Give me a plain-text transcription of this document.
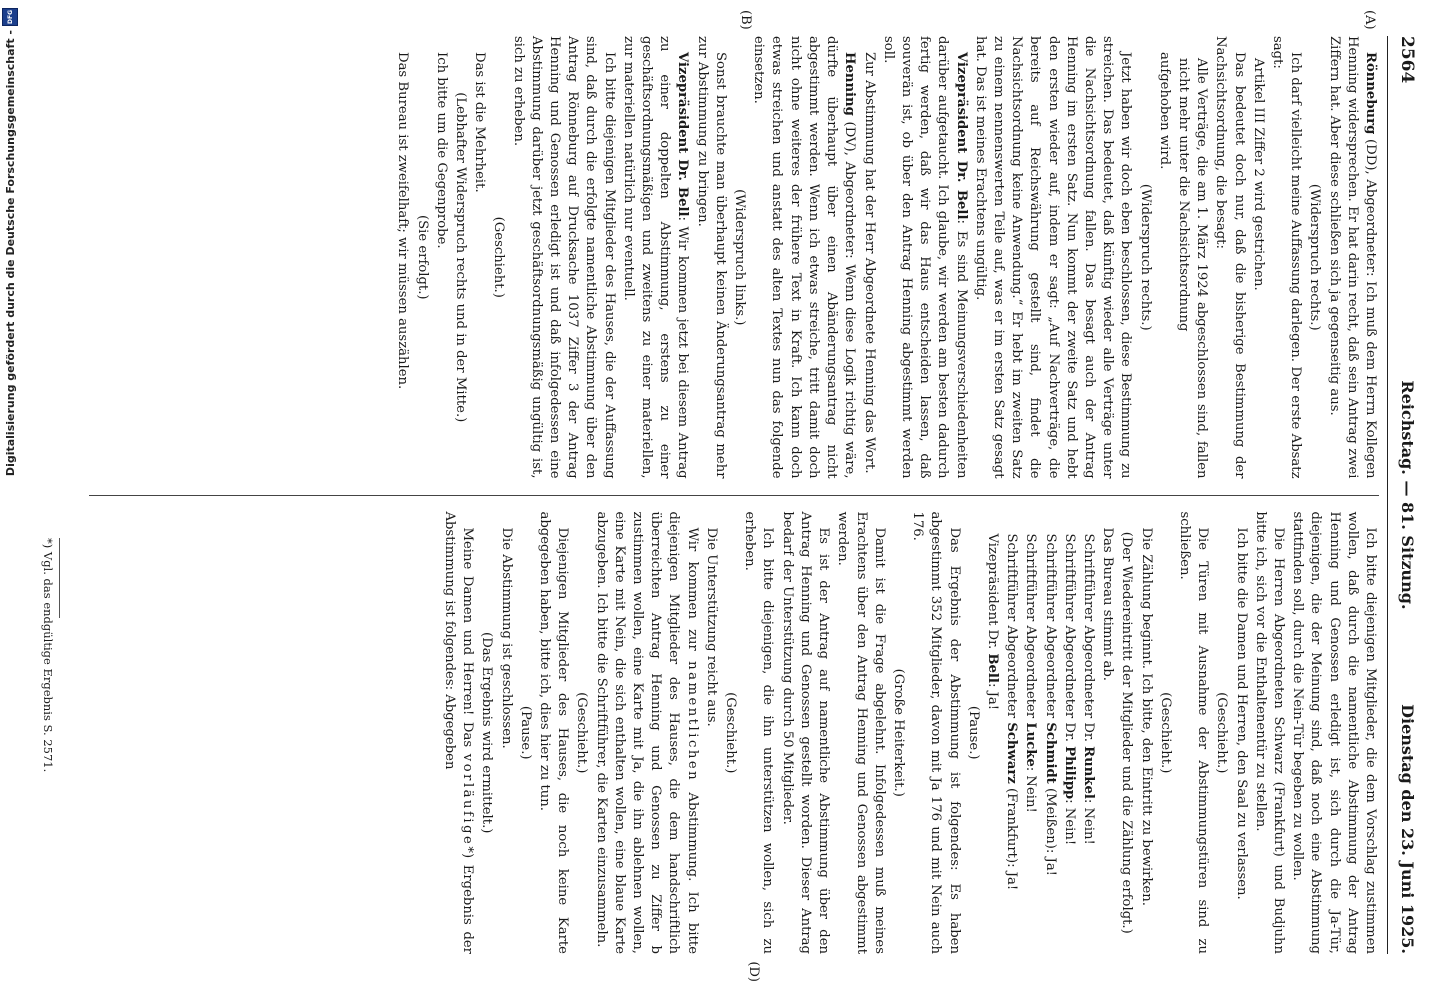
2564
Reichstag. — 81. Sitzung.
Dienstag den 23. Juni 1925.
(A)
(B)
(D)

Rönneburg (DD), Abgeordneter: Ich muß dem Herrn Kollegen Henning widersprechen. Er hat darin recht, daß sein Antrag zwei Ziffern hat. Aber diese schließen sich ja gegenseitig aus.

(Widerspruch rechts.)

Ich darf vielleicht meine Auffassung darlegen. Der erste Absatz sagt:

Artikel III Ziffer 2 wird gestrichen.

Das bedeutet doch nur, daß die bisherige Bestimmung der Nachsichtsordnung, die besagt:

Alle Verträge, die am 1. März 1924 abgeschlossen sind, fallen nicht mehr unter die Nachsichtsordnung

aufgehoben wird.

(Widerspruch rechts.)

Jetzt haben wir doch eben beschlossen, diese Bestimmung zu streichen. Das bedeutet, daß künftig wieder alle Verträge unter die Nachsichtsordnung fallen. Das besagt auch der Antrag Henning im ersten Satz. Nun kommt der zweite Satz und hebt den ersten wieder auf, indem er sagt: „Auf Nachverträge, die bereits auf Reichswährung gestellt sind, findet die Nachsichtsordnung keine Anwendung.“ Er hebt im zweiten Satz zu einem nennenswerten Teile auf, was er im ersten Satz gesagt hat. Das ist meines Erachtens ungültig.

Vizepräsident Dr. Bell: Es sind Meinungsverschiedenheiten darüber aufgetaucht. Ich glaube, wir werden am besten dadurch fertig werden, daß wir das Haus entscheiden lassen, daß souverän ist, ob über den Antrag Henning abgestimmt werden soll.

Zur Abstimmung hat der Herr Abgeordnete Henning das Wort.

Henning (DV), Abgeordneter: Wenn diese Logik richtig wäre, dürfte überhaupt über einen Abänderungsantrag nicht abgestimmt werden. Wenn ich etwas streiche, tritt damit doch nicht ohne weiteres der frühere Text in Kraft. Ich kann doch etwas streichen und anstatt des alten Textes nun das folgende einsetzen.

(Widerspruch links.)

Sonst brauchte man überhaupt keinen Änderungsantrag mehr zur Abstimmung zu bringen.

Vizepräsident Dr. Bell: Wir kommen jetzt bei diesem Antrag zu einer doppelten Abstimmung, erstens zu einer geschäftsordnungsmäßigen und zweitens zu einer materiellen, zur materiellen natürlich nur eventuell.

Ich bitte diejenigen Mitglieder des Hauses, die der Auffassung sind, daß durch die erfolgte namentliche Abstimmung über den Antrag Rönneburg auf Drucksache 1037 Ziffer 3 der Antrag Henning und Genossen erledigt ist und daß infolgedessen eine Abstimmung darüber jetzt geschäftsordnungsmäßig ungültig ist, sich zu erheben.

(Geschieht.)

Das ist die Mehrheit.

(Lebhafter Widerspruch rechts und in der Mitte.)

Ich bitte um die Gegenprobe.

(Sie erfolgt.)

Das Bureau ist zweifelhaft; wir müssen auszählen.

Ich bitte diejenigen Mitglieder, die dem Vorschlag zustimmen wollen, daß durch die namentliche Abstimmung der Antrag Henning und Genossen erledigt ist, sich durch die Ja-Tür, diejenigen, die der Meinung sind, daß noch eine Abstimmung stattfinden soll, durch die Nein-Tür begeben zu wollen.

Die Herren Abgeordneten Schwarz (Frankfurt) und Budjuhn bitte ich, sich vor die Enthaltenentür zu stellen.

Ich bitte die Damen und Herren, den Saal zu verlassen.

(Geschieht.)

Die Türen mit Ausnahme der Abstimmungstüren sind zu schließen.

(Geschieht.)

Die Zählung beginnt. Ich bitte, den Eintritt zu bewirken.

(Der Wiedereintritt der Mitglieder und die Zählung erfolgt.)

Das Bureau stimmt ab.

Schriftführer Abgeordneter Dr. Runkel: Nein!

Schriftführer Abgeordneter Dr. Philipp: Nein!

Schriftführer Abgeordneter Schmidt (Meißen): Ja!

Schriftführer Abgeordneter Lucke: Nein!

Schriftführer Abgeordneter Schwarz (Frankfurt): Ja!

Vizepräsident Dr. Bell: Ja!

(Pause.)

Das Ergebnis der Abstimmung ist folgendes: Es haben abgestimmt 352 Mitglieder, davon mit Ja 176 und mit Nein auch 176.

(Große Heiterkeit.)

Damit ist die Frage abgelehnt. Infolgedessen muß meines Erachtens über den Antrag Henning und Genossen abgestimmt werden.

Es ist der Antrag auf namentliche Abstimmung über den Antrag Henning und Genossen gestellt worden. Dieser Antrag bedarf der Unterstützung durch 50 Mitglieder.

Ich bitte diejenigen, die ihn unterstützen wollen, sich zu erheben.

(Geschieht.)

Die Unterstützung reicht aus.

Wir kommen zur namentlichen Abstimmung. Ich bitte diejenigen Mitglieder des Hauses, die dem handschriftlich überreichten Antrag Henning und Genossen zu Ziffer b zustimmen wollen, eine Karte mit Ja, die ihn ablehnen wollen, eine Karte mit Nein, die sich enthalten wollen, eine blaue Karte abzugeben. Ich bitte die Schriftführer, die Karten einzusammeln.

(Geschieht.)

Diejenigen Mitglieder des Hauses, die noch keine Karte abgegeben haben, bitte ich, dies hier zu tun.

(Pause.)

Die Abstimmung ist geschlossen.

(Das Ergebnis wird ermittelt.)

Meine Damen und Herren! Das vorläufige*) Ergebnis der Abstimmung ist folgendes: Abgegeben

*) Vgl. das endgültige Ergebnis S. 2571.
Digitalisierung gefördert durch die Deutsche Forschungsgemeinschaft -
DFG
